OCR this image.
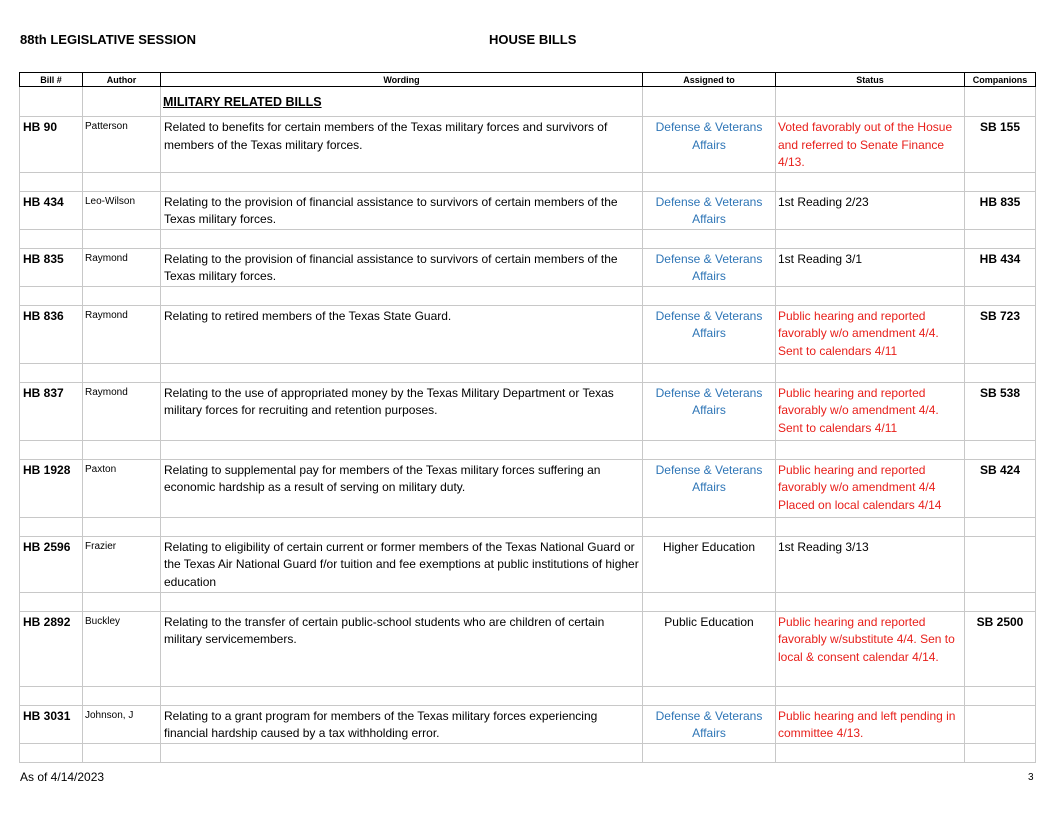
88th LEGISLATIVE SESSION	HOUSE BILLS
Bill #	Author	Wording	Assigned to	Status	Companions
		MILITARY RELATED BILLS			
HB 90	Patterson	Related to benefits for certain members of the Texas military forces and survivors of members of the Texas military forces.	Defense & Veterans Affairs	Voted favorably out of the Hosue and referred to Senate Finance 4/13.	SB 155

HB 434	Leo-Wilson	Relating to the provision of financial assistance to survivors of certain members of the Texas military forces.	Defense & Veterans Affairs	1st Reading 2/23	HB 835

HB 835	Raymond	Relating to the provision of financial assistance to survivors of certain members of the Texas military forces.	Defense & Veterans Affairs	1st Reading 3/1	HB 434

HB 836	Raymond	Relating to retired members of the Texas State Guard.	Defense & Veterans Affairs	Public hearing and reported favorably w/o amendment 4/4. Sent to calendars 4/11	SB 723

HB 837	Raymond	Relating to the use of appropriated money by the Texas Military Department or Texas military forces for recruiting and retention purposes.	Defense & Veterans Affairs	Public hearing and reported favorably w/o amendment 4/4. Sent to calendars 4/11	SB 538

HB 1928	Paxton	Relating to supplemental pay for members of the Texas military forces suffering an economic hardship as a result of serving on military duty.	Defense & Veterans Affairs	Public hearing and reported favorably w/o amendment 4/4 Placed on local calendars 4/14	SB 424

HB 2596	Frazier	Relating to eligibility of certain current or former members of the Texas National Guard or the Texas Air National Guard f/or tuition and fee exemptions at public institutions of higher education	Higher Education	1st Reading 3/13	

HB 2892	Buckley	Relating to the transfer of certain public-school students who are children of certain military servicemembers.	Public Education	Public hearing and reported favorably w/substitute 4/4. Sen to local & consent calendar 4/14.	SB 2500

HB 3031	Johnson, J	Relating to a grant program for members of the Texas military forces experiencing financial hardship caused by a tax withholding error.	Defense & Veterans Affairs	Public hearing and left pending in committee 4/13.	

As of 4/14/2023	3
